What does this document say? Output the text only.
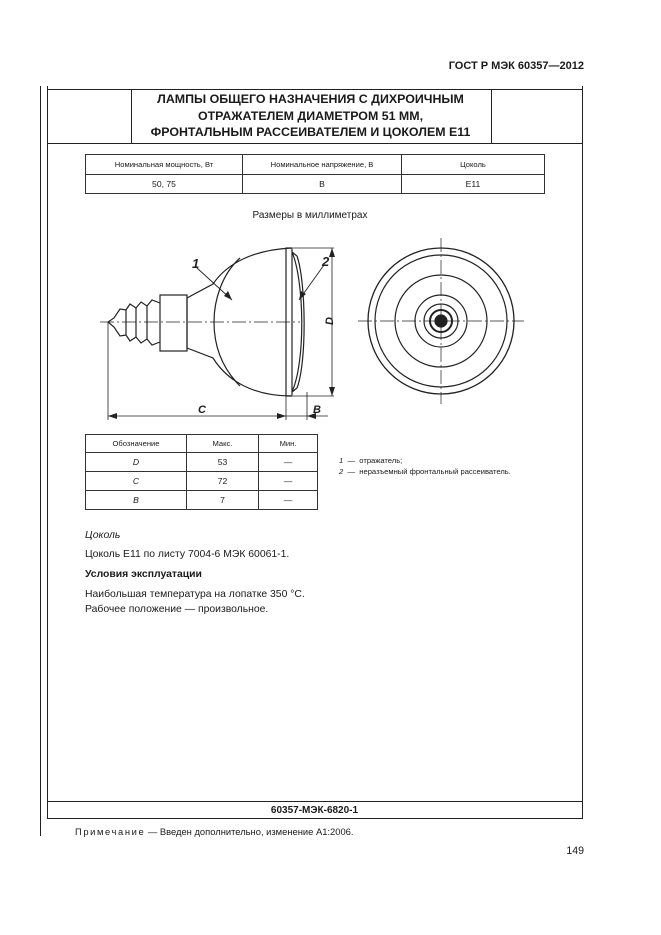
ГОСТ Р МЭК 60357—2012
ЛАМПЫ ОБЩЕГО НАЗНАЧЕНИЯ С ДИХРОИЧНЫМ
ОТРАЖАТЕЛЕМ ДИАМЕТРОМ 51 ММ,
ФРОНТАЛЬНЫМ РАССЕИВАТЕЛЕМ И ЦОКОЛЕМ E11
Номинальная мощность, Вт	Номинальное напряжение, В	Цоколь
50, 75	В	E11
Размеры в миллиметрах
1	2
C	B
D
Обозначение	Макс.	Мин.
D	53	—
C	72	—
B	7	—
1 — отражатель;
2 — неразъемный фронтальный рассеиватель.
Цоколь
Цоколь E11 по листу 7004-6 МЭК 60061-1.
Условия эксплуатации
Наибольшая температура на лопатке 350 °С.
Рабочее положение — произвольное.
60357-МЭК-6820-1
Примечание — Введен дополнительно, изменение А1:2006.
149
